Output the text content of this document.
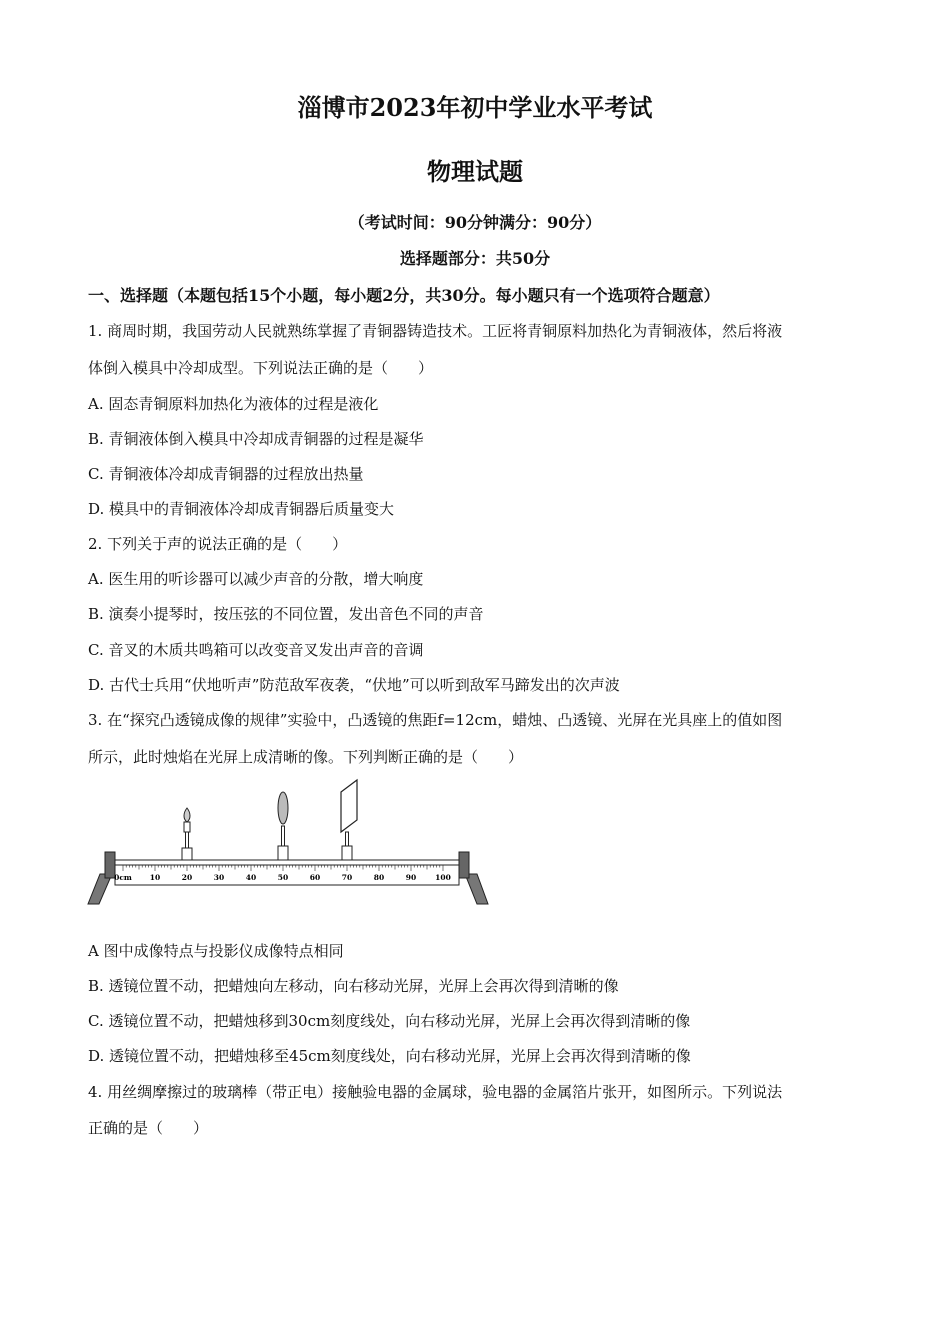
淄博市2023年初中学业水平考试
物理试题
（考试时间：90分钟满分：90分）
选择题部分：共50分
一、选择题（本题包括15个小题，每小题2分，共30分。每小题只有一个选项符合题意）
1. 商周时期，我国劳动人民就熟练掌握了青铜器铸造技术。工匠将青铜原料加热化为青铜液体，然后将液
体倒入模具中冷却成型。下列说法正确的是（　　）
A. 固态青铜原料加热化为液体的过程是液化
B. 青铜液体倒入模具中冷却成青铜器的过程是凝华
C. 青铜液体冷却成青铜器的过程放出热量
D. 模具中的青铜液体冷却成青铜器后质量变大
2. 下列关于声的说法正确的是（　　）
A. 医生用的听诊器可以减少声音的分散，增大响度
B. 演奏小提琴时，按压弦的不同位置，发出音色不同的声音
C. 音叉的木质共鸣箱可以改变音叉发出声音的音调
D. 古代士兵用“伏地听声”防范敌军夜袭，“伏地”可以听到敌军马蹄发出的次声波
3. 在“探究凸透镜成像的规律”实验中，凸透镜的焦距f=12cm，蜡烛、凸透镜、光屏在光具座上的值如图
所示，此时烛焰在光屏上成清晰的像。下列判断正确的是（　　）
0cm 10	20	30	40	50	60	70	80	90	100
A 图中成像特点与投影仪成像特点相同
B. 透镜位置不动，把蜡烛向左移动，向右移动光屏，光屏上会再次得到清晰的像
C. 透镜位置不动，把蜡烛移到30cm刻度线处，向右移动光屏，光屏上会再次得到清晰的像
D. 透镜位置不动，把蜡烛移至45cm刻度线处，向右移动光屏，光屏上会再次得到清晰的像
4. 用丝绸摩擦过的玻璃棒（带正电）接触验电器的金属球，验电器的金属箔片张开，如图所示。下列说法
正确的是（　　）
